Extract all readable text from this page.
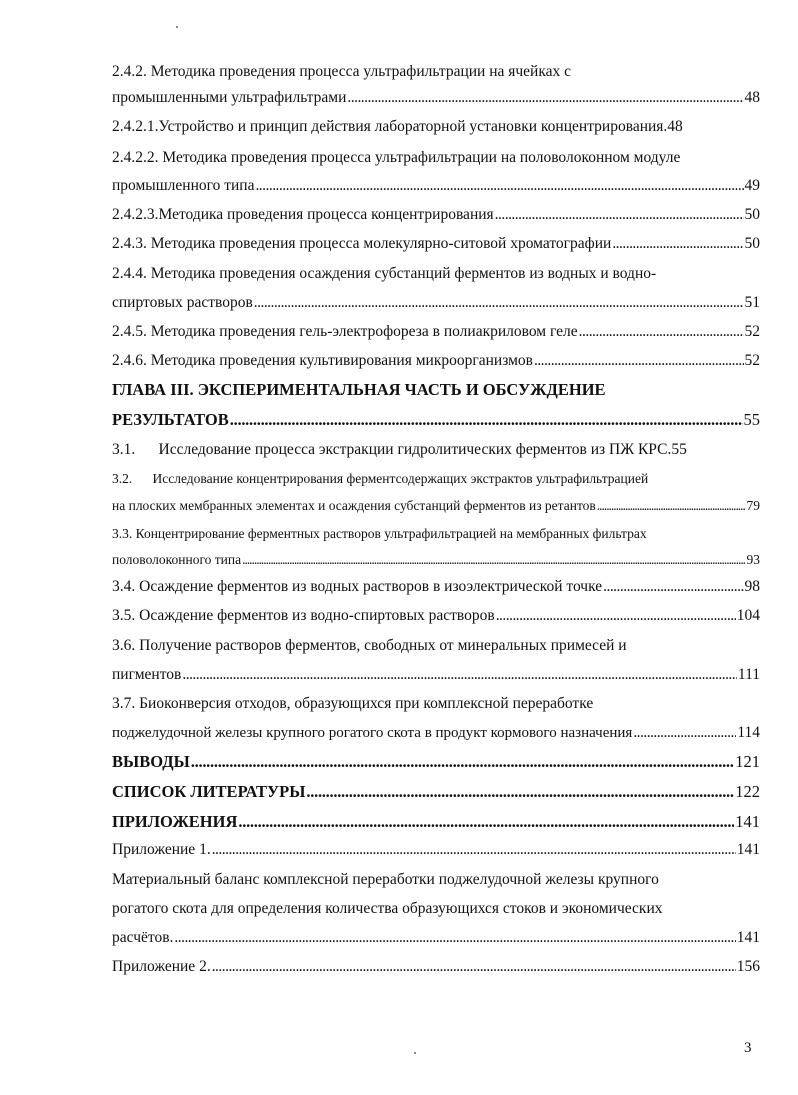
2.4.2. Методика проведения процесса ультрафильтрации на ячейках с
промышленными ультрафильтрами . . .	48
2.4.2.1.Устройство и принцип действия лабораторной установки концентрирования.48
2.4.2.2. Методика проведения процесса ультрафильтрации на половолоконном модуле
промышленного типа . . .	49
2.4.2.3.Методика проведения процесса концентрирования . . .	50
2.4.3. Методика проведения процесса молекулярно-ситовой хроматографии . . .	50
2.4.4. Методика проведения осаждения субстанций ферментов из водных и водно-
спиртовых растворов . . .	51
2.4.5. Методика проведения гель-электрофореза в полиакриловом геле . . .	52
2.4.6. Методика проведения культивирования микроорганизмов . . .	52
ГЛАВА III. ЭКСПЕРИМЕНТАЛЬНАЯ ЧАСТЬ И ОБСУЖДЕНИЕ
РЕЗУЛЬТАТОВ . . .	55
3.1.      Исследование процесса экстракции гидролитических ферментов из ПЖ КРС.55
3.2.      Исследование концентрирования ферментсодержащих экстрактов ультрафильтрацией
на плоских мембранных элементах и осаждения субстанций ферментов из ретантов . . .	79
3.3. Концентрирование ферментных растворов ультрафильтрацией на мембранных фильтрах
половолоконного типа . . .	93
3.4. Осаждение ферментов из водных растворов в изоэлектрической точке . . .	98
3.5. Осаждение ферментов из водно-спиртовых растворов . . .	104
3.6. Получение растворов ферментов, свободных от минеральных примесей и
пигментов . . .	111
3.7. Биоконверсия отходов, образующихся при комплексной переработке
поджелудочной железы крупного рогатого скота в продукт кормового назначения . . .	114
ВЫВОДЫ . . .	121
СПИСОК ЛИТЕРАТУРЫ . . .	122
ПРИЛОЖЕНИЯ . . .	141
Приложение 1. . . .	141
Материальный баланс комплексной переработки поджелудочной железы крупного
рогатого скота для определения количества образующихся стоков и экономических
расчётов. . . .	141
Приложение 2. . . .	156
3
